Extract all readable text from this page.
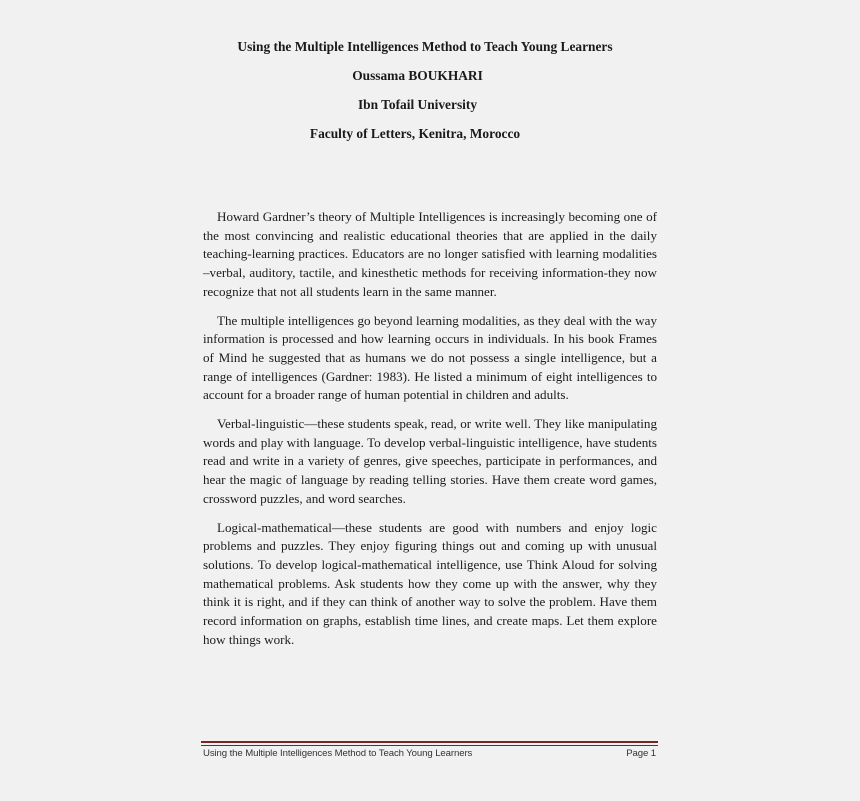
Using the Multiple Intelligences Method to Teach Young Learners
Oussama BOUKHARI
Ibn Tofail University
Faculty of Letters, Kenitra, Morocco

Howard Gardner’s theory of Multiple Intelligences is increasingly becoming one of the most convincing and realistic educational theories that are applied in the daily teaching-learning practices. Educators are no longer satisfied with learning modalities –verbal, auditory, tactile, and kinesthetic methods for receiving information-they now recognize that not all students learn in the same manner.

The multiple intelligences go beyond learning modalities, as they deal with the way information is processed and how learning occurs in individuals. In his book Frames of Mind he suggested that as humans we do not possess a single intelligence, but a range of intelligences (Gardner: 1983). He listed a minimum of eight intelligences to account for a broader range of human potential in children and adults.

Verbal-linguistic—these students speak, read, or write well. They like manipulating words and play with language. To develop verbal-linguistic intelligence, have students read and write in a variety of genres, give speeches, participate in performances, and hear the magic of language by reading telling stories. Have them create word games, crossword puzzles, and word searches.

Logical-mathematical—these students are good with numbers and enjoy logic problems and puzzles. They enjoy figuring things out and coming up with unusual solutions. To develop logical-mathematical intelligence, use Think Aloud for solving mathematical problems. Ask students how they come up with the answer, why they think it is right, and if they can think of another way to solve the problem. Have them record information on graphs, establish time lines, and create maps. Let them explore how things work.

Using the Multiple Intelligences Method to Teach Young Learners	Page 1
